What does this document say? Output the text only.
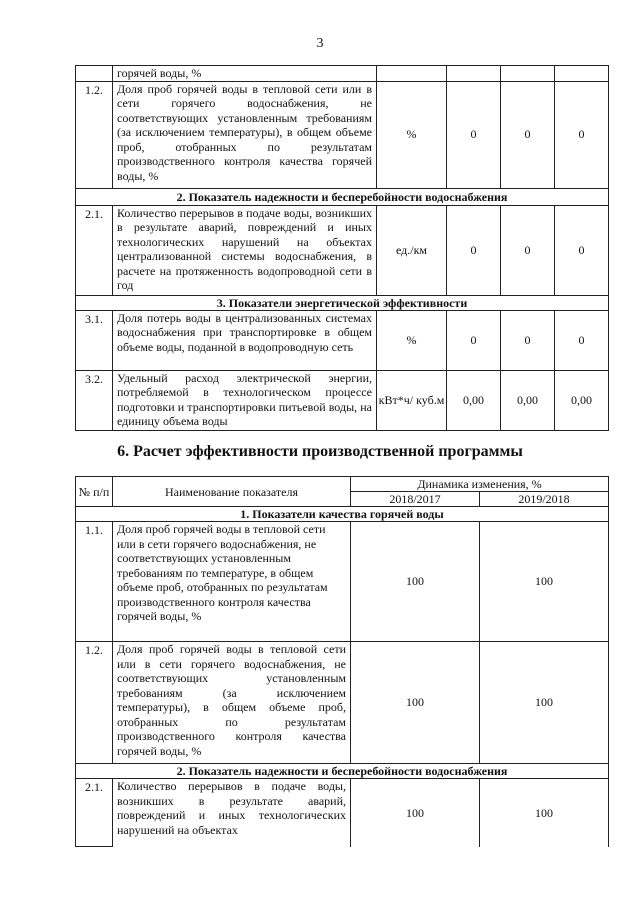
3
	горячей воды, %				
1.2.	Доля проб горячей воды в тепловой сети или в сети горячего водоснабжения, не соответствующих установленным требованиям (за исключением температуры), в общем объеме проб, отобранных по результатам производственного контроля качества горячей воды, %	%	0	0	0
2. Показатель надежности и бесперебойности водоснабжения					
2.1.	Количество перерывов в подаче воды, возникших в результате аварий, повреждений и иных технологических нарушений на объектах централизованной системы водоснабжения, в расчете на протяженность водопроводной сети в год	ед./км	0	0	0
3. Показатели энергетической эффективности					
3.1.	Доля потерь воды в централизованных системах водоснабжения при транспортировке в общем объеме воды, поданной в водопроводную сеть	%	0	0	0
3.2.	Удельный расход электрической энергии, потребляемой в технологическом процессе подготовки и транспортировки питьевой воды, на единицу объема воды	кВт*ч/ куб.м	0,00	0,00	0,00
6. Расчет эффективности производственной программы
№ п/п	Наименование показателя	Динамика изменения, %	
		2018/2017	2019/2018
1. Показатели качества горячей воды			
1.1.	Доля проб горячей воды в тепловой сети или в сети горячего водоснабжения, не соответствующих установленным требованиям по температуре, в общем объеме проб, отобранных по результатам производственного контроля качества горячей воды, %	100	100
1.2.	Доля проб горячей воды в тепловой сети или в сети горячего водоснабжения, не соответствующих установленным требованиям (за исключением температуры), в общем объеме проб, отобранных по результатам производственного контроля качества горячей воды, %	100	100
2. Показатель надежности и бесперебойности водоснабжения			
2.1.	Количество перерывов в подаче воды, возникших в результате аварий, повреждений и иных технологических нарушений на объектах	100	100
